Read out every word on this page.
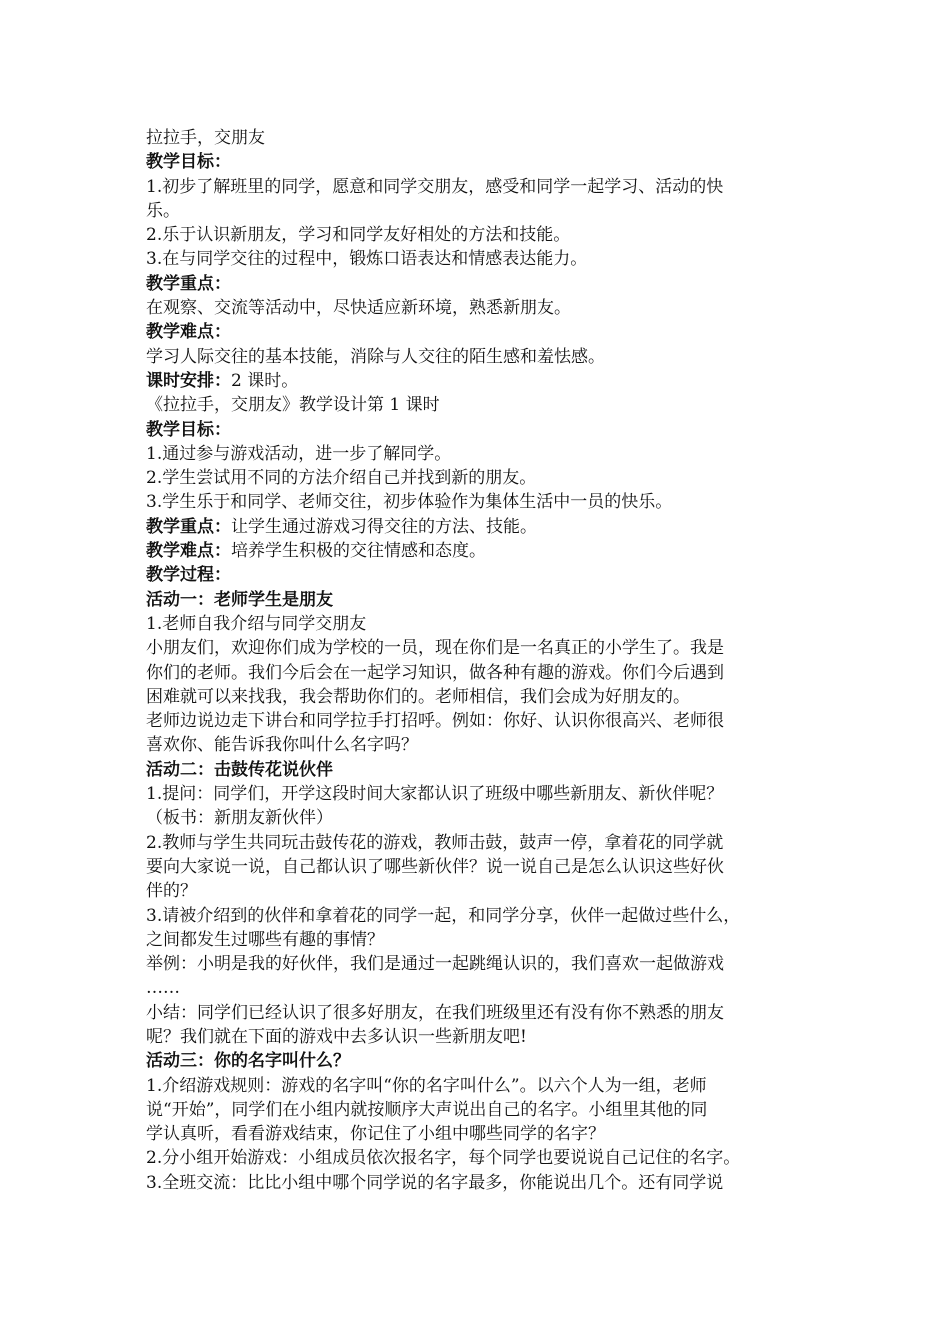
拉拉手，交朋友
教学目标：
1.初步了解班里的同学，愿意和同学交朋友，感受和同学一起学习、活动的快
乐。
2.乐于认识新朋友，学习和同学友好相处的方法和技能。
3.在与同学交往的过程中，锻炼口语表达和情感表达能力。
教学重点：
在观察、交流等活动中，尽快适应新环境，熟悉新朋友。
教学难点：
学习人际交往的基本技能，消除与人交往的陌生感和羞怯感。
课时安排：2 课时。
《拉拉手，交朋友》教学设计第 1 课时
教学目标：
1.通过参与游戏活动，进一步了解同学。
2.学生尝试用不同的方法介绍自己并找到新的朋友。
3.学生乐于和同学、老师交往，初步体验作为集体生活中一员的快乐。
教学重点：让学生通过游戏习得交往的方法、技能。
教学难点：培养学生积极的交往情感和态度。
教学过程：
活动一：老师学生是朋友
1.老师自我介绍与同学交朋友
小朋友们，欢迎你们成为学校的一员，现在你们是一名真正的小学生了。我是
你们的老师。我们今后会在一起学习知识，做各种有趣的游戏。你们今后遇到
困难就可以来找我，我会帮助你们的。老师相信，我们会成为好朋友的。
老师边说边走下讲台和同学拉手打招呼。例如：你好、认识你很高兴、老师很
喜欢你、能告诉我你叫什么名字吗？
活动二：击鼓传花说伙伴
1.提问：同学们，开学这段时间大家都认识了班级中哪些新朋友、新伙伴呢？
（板书：新朋友新伙伴）
2.教师与学生共同玩击鼓传花的游戏，教师击鼓，鼓声一停，拿着花的同学就
要向大家说一说，自己都认识了哪些新伙伴？说一说自己是怎么认识这些好伙
伴的？
3.请被介绍到的伙伴和拿着花的同学一起，和同学分享，伙伴一起做过些什么，
之间都发生过哪些有趣的事情？
举例：小明是我的好伙伴，我们是通过一起跳绳认识的，我们喜欢一起做游戏
……
小结：同学们已经认识了很多好朋友，在我们班级里还有没有你不熟悉的朋友
呢？我们就在下面的游戏中去多认识一些新朋友吧!
活动三：你的名字叫什么？
1.介绍游戏规则：游戏的名字叫“你的名字叫什么”。以六个人为一组，老师
说“开始”，同学们在小组内就按顺序大声说出自己的名字。小组里其他的同
学认真听，看看游戏结束，你记住了小组中哪些同学的名字？
2.分小组开始游戏：小组成员依次报名字，每个同学也要说说自己记住的名字。
3.全班交流：比比小组中哪个同学说的名字最多，你能说出几个。还有同学说
